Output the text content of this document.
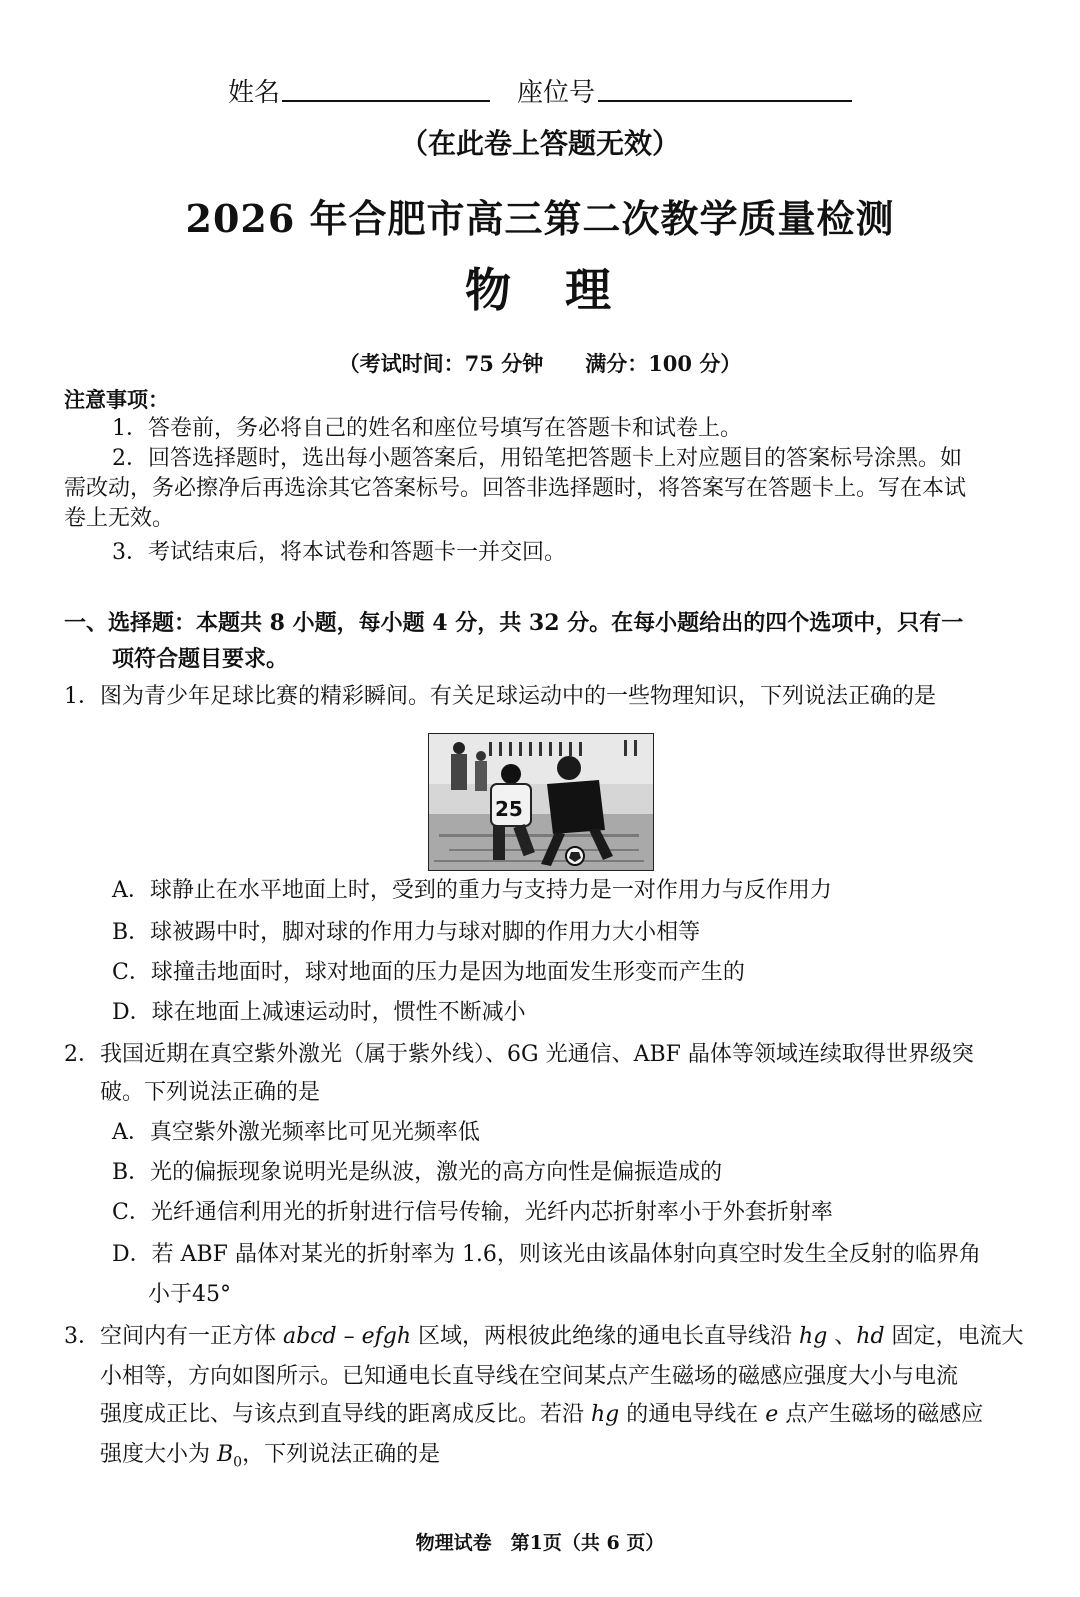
姓名	座位号
（在此卷上答题无效）
2026 年合肥市高三第二次教学质量检测
物　理
（考试时间：75 分钟　　满分：100 分）
注意事项：
1．答卷前，务必将自己的姓名和座位号填写在答题卡和试卷上。
2．回答选择题时，选出每小题答案后，用铅笔把答题卡上对应题目的答案标号涂黑。如
需改动，务必擦净后再选涂其它答案标号。回答非选择题时，将答案写在答题卡上。写在本试
卷上无效。
3．考试结束后，将本试卷和答题卡一并交回。
一、选择题：本题共 8 小题，每小题 4 分，共 32 分。在每小题给出的四个选项中，只有一
项符合题目要求。
1．图为青少年足球比赛的精彩瞬间。有关足球运动中的一些物理知识，下列说法正确的是
25
A．球静止在水平地面上时，受到的重力与支持力是一对作用力与反作用力
B．球被踢中时，脚对球的作用力与球对脚的作用力大小相等
C．球撞击地面时，球对地面的压力是因为地面发生形变而产生的
D．球在地面上减速运动时，惯性不断减小
2．我国近期在真空紫外激光（属于紫外线）、6G 光通信、ABF 晶体等领域连续取得世界级突
破。下列说法正确的是
A．真空紫外激光频率比可见光频率低
B．光的偏振现象说明光是纵波，激光的高方向性是偏振造成的
C．光纤通信利用光的折射进行信号传输，光纤内芯折射率小于外套折射率
D．若 ABF 晶体对某光的折射率为 1.6，则该光由该晶体射向真空时发生全反射的临界角
小于45°
3．空间内有一正方体 abcd – efgh 区域，两根彼此绝缘的通电长直导线沿 hg 、hd 固定，电流大
小相等，方向如图所示。已知通电长直导线在空间某点产生磁场的磁感应强度大小与电流
强度成正比、与该点到直导线的距离成反比。若沿 hg 的通电导线在 e 点产生磁场的磁感应
强度大小为 $B_0$，下列说法正确的是
物理试卷　第1页（共 6 页）
